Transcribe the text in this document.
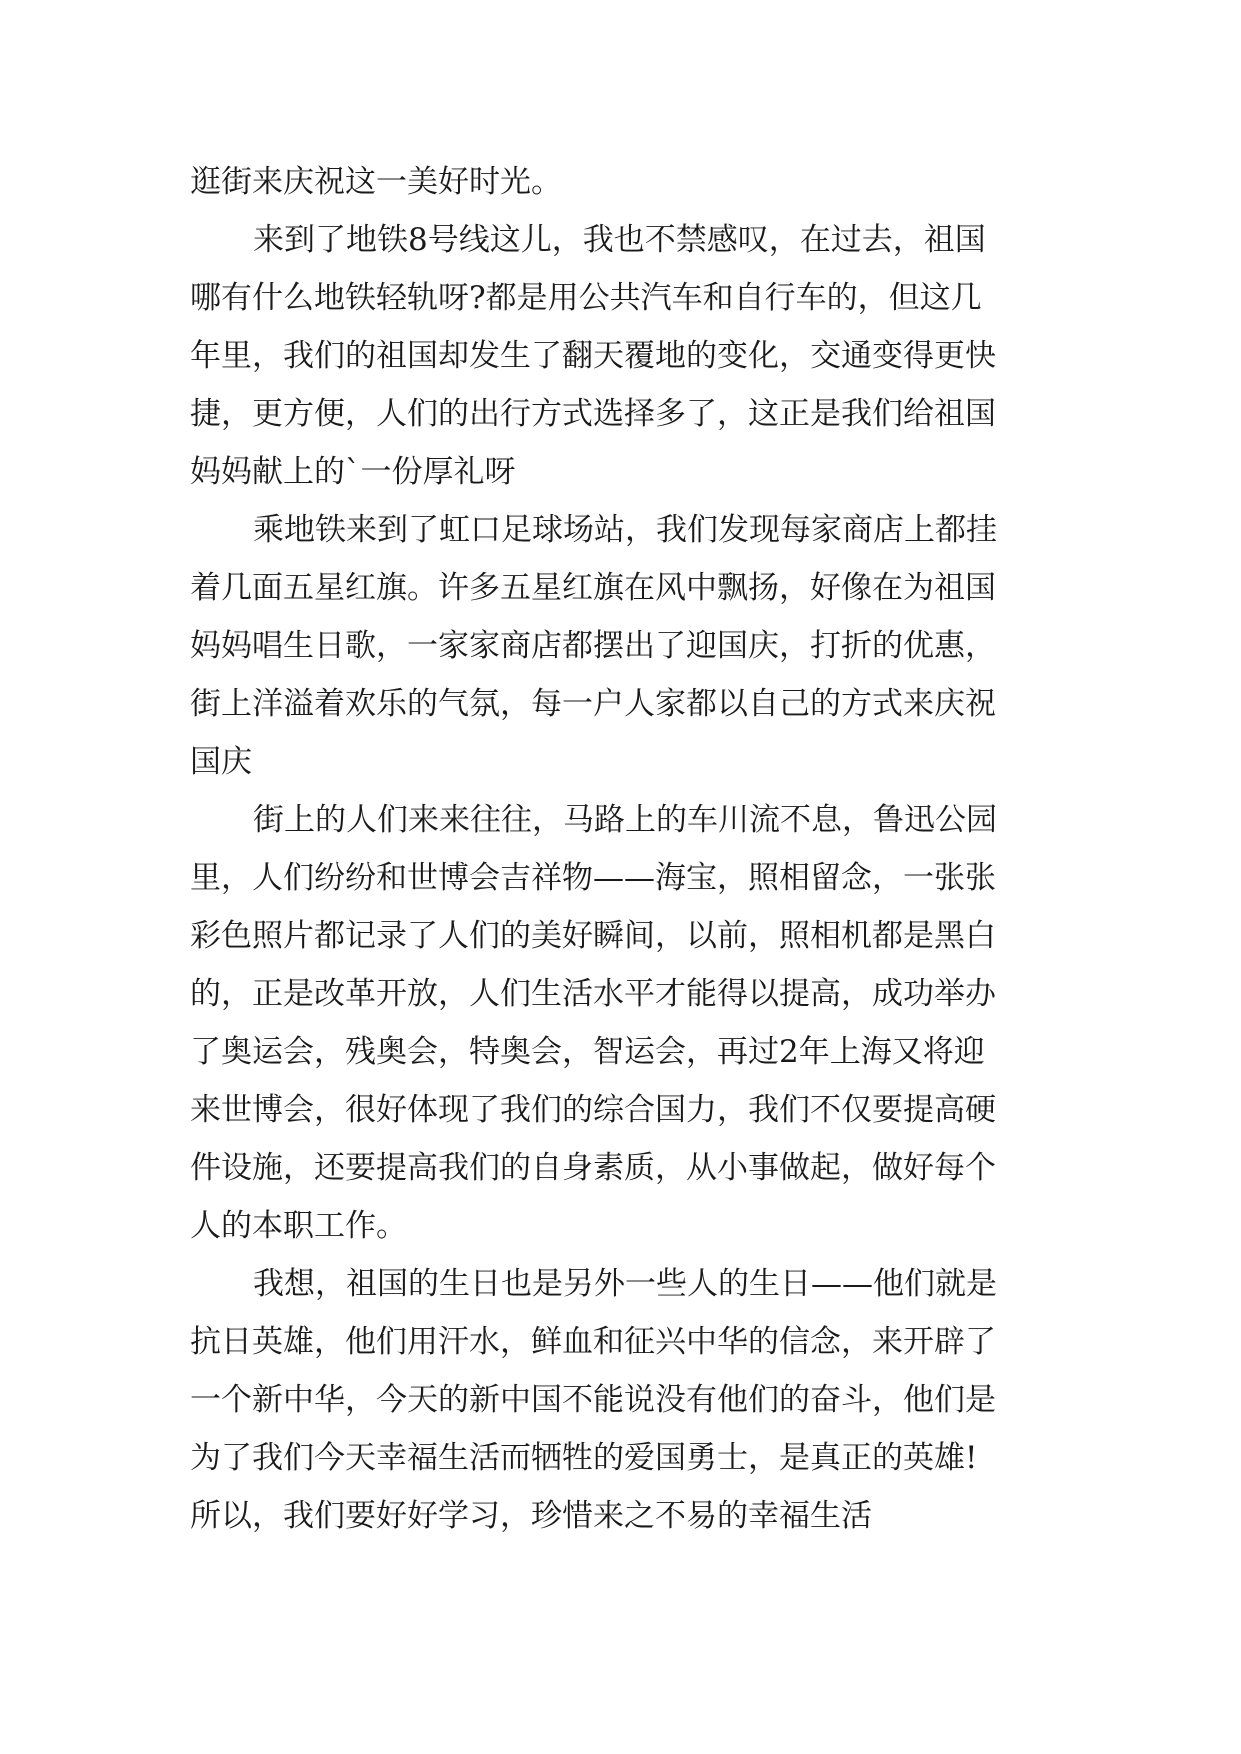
逛街来庆祝这一美好时光。
来到了地铁8号线这儿，我也不禁感叹，在过去，祖国
哪有什么地铁轻轨呀?都是用公共汽车和自行车的，但这几
年里，我们的祖国却发生了翻天覆地的变化，交通变得更快
捷，更方便，人们的出行方式选择多了，这正是我们给祖国
妈妈献上的`一份厚礼呀
乘地铁来到了虹口足球场站，我们发现每家商店上都挂
着几面五星红旗。许多五星红旗在风中飘扬，好像在为祖国
妈妈唱生日歌，一家家商店都摆出了迎国庆，打折的优惠，
街上洋溢着欢乐的气氛，每一户人家都以自己的方式来庆祝
国庆
街上的人们来来往往，马路上的车川流不息，鲁迅公园
里，人们纷纷和世博会吉祥物——海宝，照相留念，一张张
彩色照片都记录了人们的美好瞬间，以前，照相机都是黑白
的，正是改革开放，人们生活水平才能得以提高，成功举办
了奥运会，残奥会，特奥会，智运会，再过2年上海又将迎
来世博会，很好体现了我们的综合国力，我们不仅要提高硬
件设施，还要提高我们的自身素质，从小事做起，做好每个
人的本职工作。
我想，祖国的生日也是另外一些人的生日——他们就是
抗日英雄，他们用汗水，鲜血和征兴中华的信念，来开辟了
一个新中华，今天的新中国不能说没有他们的奋斗，他们是
为了我们今天幸福生活而牺牲的爱国勇士，是真正的英雄!
所以，我们要好好学习，珍惜来之不易的幸福生活
